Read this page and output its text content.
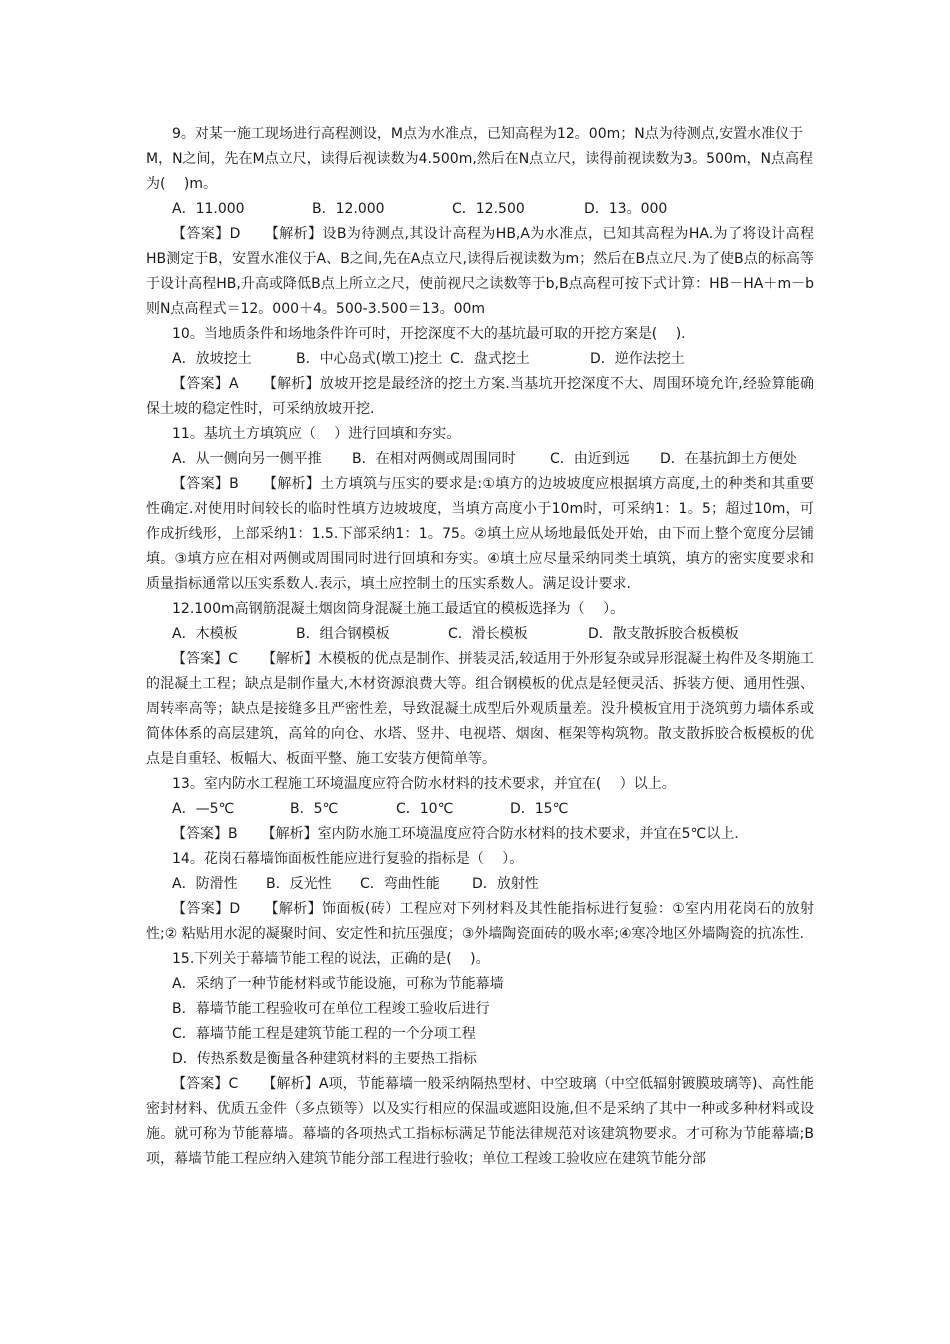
9。对某一施工现场进行高程测设，M点为水准点，已知高程为12。00m；N点为待测点,安置水准仪于M，N之间，先在M点立尺，读得后视读数为4.500m,然后在N点立尺，读得前视读数为3。500m，N点高程为(　 )m。
A．11.000	B．12.000	C．12.500	D．13。000
【答案】D 【解析】设B为待测点,其设计高程为HB,A为水准点，已知其高程为HA.为了将设计高程HB测定于B，安置水准仪于A、B之间,先在A点立尺,读得后视读数为m；然后在B点立尺.为了使B点的标高等于设计高程HB,升高或降低B点上所立之尺，使前视尺之读数等于b,B点高程可按下式计算：HB－HA＋m－b则N点高程式＝12。000＋4。500-3.500＝13。00m
10。当地质条件和场地条件许可时，开挖深度不大的基坑最可取的开挖方案是(　 ).
A．放坡挖土	B．中心岛式(墩工)挖土 C．盘式挖土	D．逆作法挖土
【答案】A 【解析】放坡开挖是最经济的挖土方案.当基坑开挖深度不大、周围环境允许,经验算能确保土坡的稳定性时，可采纳放坡开挖.
11。基坑土方填筑应（　 ）进行回填和夯实。
A．从一侧向另一侧平推 B．在相对两侧或周围同时 C．由近到远 D．在基抗卸土方便处
【答案】B 【解析】土方填筑与压实的要求是:①填方的边坡坡度应根据填方高度,土的种类和其重要性确定.对使用时间较长的临时性填方边坡坡度，当填方高度小于10m时，可采纳1：1。5；超过10m，可作成折线形，上部采纳1：1.5.下部采纳1：1。75。②填土应从场地最低处开始，由下而上整个宽度分层铺填。③填方应在相对两侧或周围同时进行回填和夯实。④填土应尽量采纳同类土填筑，填方的密实度要求和质量指标通常以压实系数人.表示，填土应控制土的压实系数人。满足设计要求.
12.100m高钢筋混凝土烟囱筒身混凝土施工最适宜的模板选择为（　 ）。
A．木模板	B．组合钢模板	C．滑长模板	D．散支散拆胶合板模板
【答案】C 【解析】木模板的优点是制作、拼装灵活,较适用于外形复杂或异形混凝土构件及冬期施工的混凝土工程；缺点是制作量大,木材资源浪费大等。组合钢模板的优点是轻便灵活、拆装方便、通用性强、周转率高等；缺点是接缝多且严密性差，导致混凝土成型后外观质量差。没升模板宜用于浇筑剪力墙体系或简体体系的高层建筑，高耸的向仓、水塔、竖井、电视塔、烟囱、框架等构筑物。散支散拆胶合板模板的优点是自重轻、板幅大、板面平整、施工安装方便简单等。
13。室内防水工程施工环境温度应符合防水材料的技术要求，并宜在(　 ）以上。
A．—5℃	B．5℃	C．10℃	D．15℃
【答案】B 【解析】室内防水施工环境温度应符合防水材料的技术要求，并宜在5℃以上.
14。花岗石幕墙饰面板性能应进行复验的指标是（　 ）。
A．防滑性 B．反光性 C．弯曲性能 D．放射性
【答案】D 【解析】饰面板(砖）工程应对下列材料及其性能指标进行复验：①室内用花岗石的放射性;② 粘贴用水泥的凝聚时间、安定性和抗压强度；③外墙陶瓷面砖的吸水率;④寒冷地区外墙陶瓷的抗冻性.
15.下列关于幕墙节能工程的说法，正确的是(　 )。
A．采纳了一种节能材料或节能设施，可称为节能幕墙
B．幕墙节能工程验收可在单位工程竣工验收后进行
C．幕墙节能工程是建筑节能工程的一个分项工程
D．传热系数是衡量各种建筑材料的主要热工指标
【答案】C 【解析】A项，节能幕墙一般采纳隔热型材、中空玻璃（中空低辐射镀膜玻璃等)、高性能密封材料、优质五金件（多点锁等）以及实行相应的保温或遮阳设施,但不是采纳了其中一种或多种材料或设施。就可称为节能幕墙。幕墙的各项热式工指标标满足节能法律规范对该建筑物要求。才可称为节能幕墙;B项，幕墙节能工程应纳入建筑节能分部工程进行验收；单位工程竣工验收应在建筑节能分部
